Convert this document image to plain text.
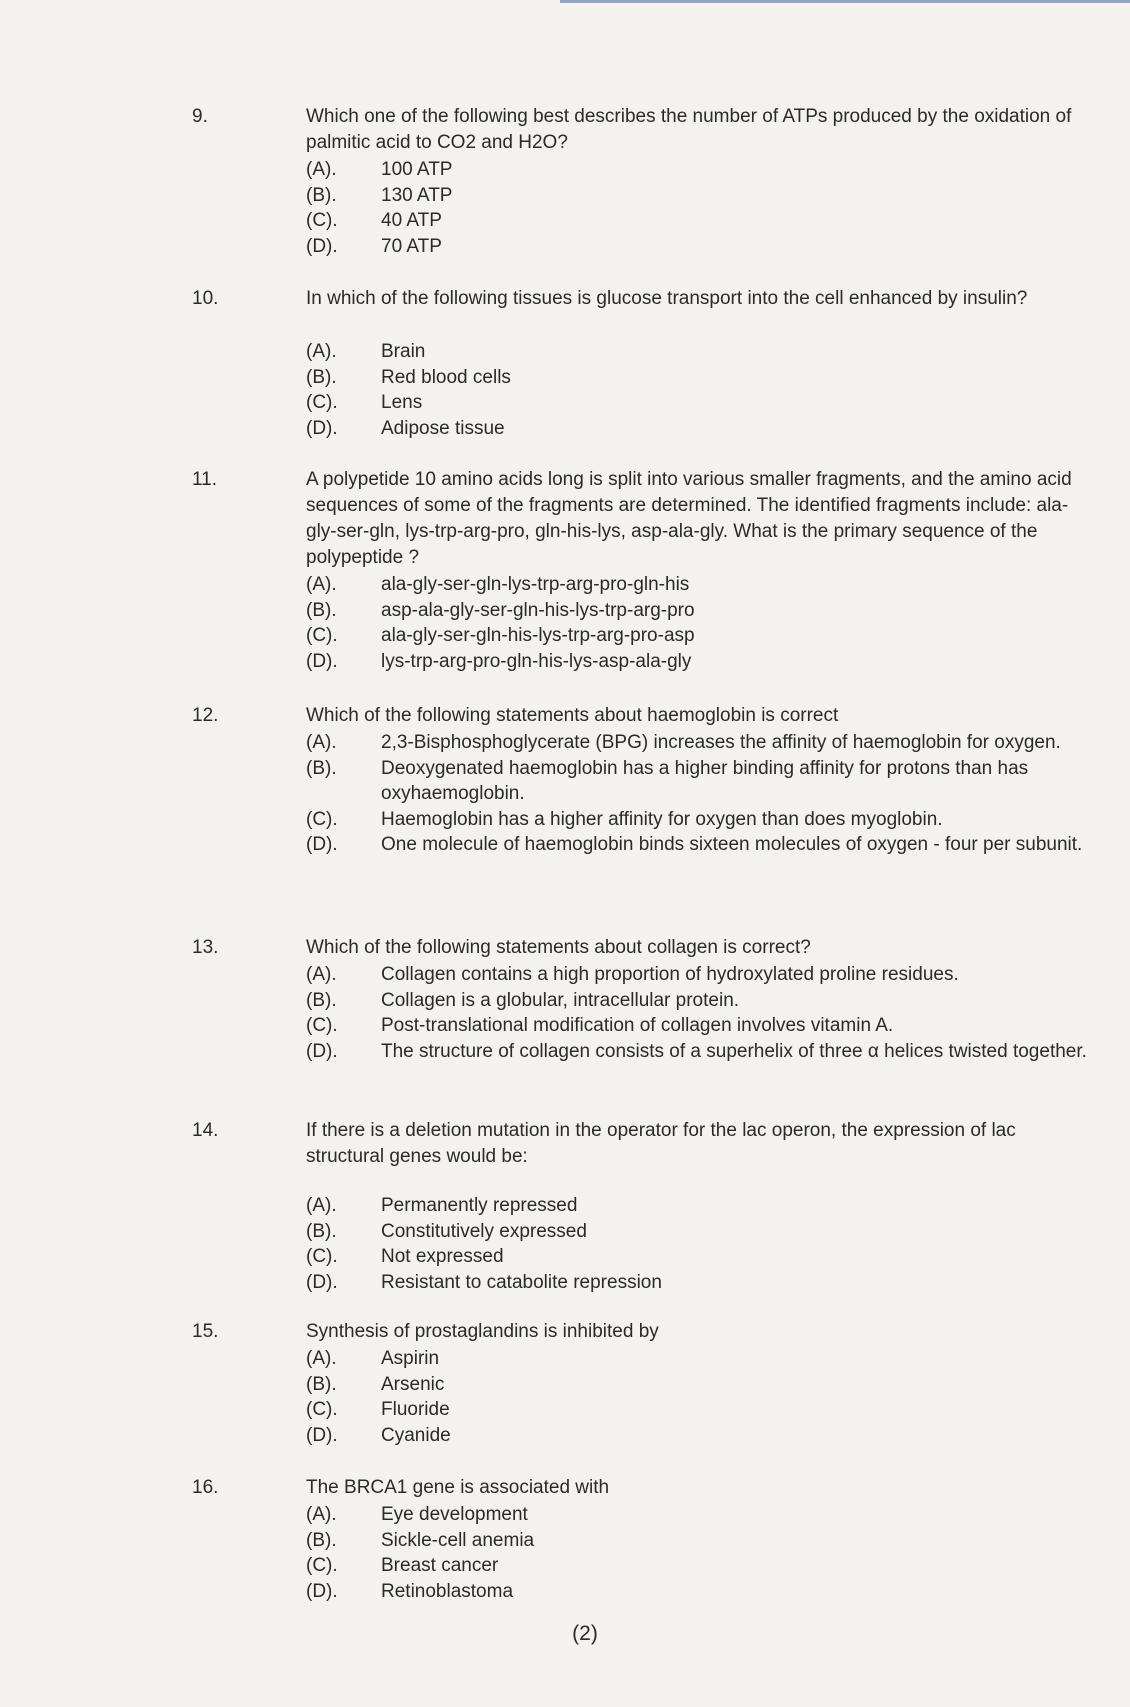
9.	Which one of the following best describes the number of ATPs produced by the oxidation of palmitic acid to CO2 and H2O?

(A). 100 ATP
(B). 130 ATP
(C). 40 ATP
(D). 70 ATP
10.	In which of the following tissues is glucose transport into the cell enhanced by insulin?

(A). Brain
(B). Red blood cells
(C). Lens
(D). Adipose tissue
11.	A polypetide 10 amino acids long is split into various smaller fragments, and the amino acid sequences of some of the fragments are determined. The identified fragments include: ala-gly-ser-gln, lys-trp-arg-pro, gln-his-lys, asp-ala-gly. What is the primary sequence of the polypeptide ?

(A). ala-gly-ser-gln-lys-trp-arg-pro-gln-his
(B). asp-ala-gly-ser-gln-his-lys-trp-arg-pro
(C). ala-gly-ser-gln-his-lys-trp-arg-pro-asp
(D). lys-trp-arg-pro-gln-his-lys-asp-ala-gly
12.	Which of the following statements about haemoglobin is correct

(A). 2,3-Bisphosphoglycerate (BPG) increases the affinity of haemoglobin for oxygen.
(B). Deoxygenated haemoglobin has a higher binding affinity for protons than has oxyhaemoglobin.
(C). Haemoglobin has a higher affinity for oxygen than does myoglobin.
(D). One molecule of haemoglobin binds sixteen molecules of oxygen - four per subunit.
13.	Which of the following statements about collagen is correct?

(A). Collagen contains a high proportion of hydroxylated proline residues.
(B). Collagen is a globular, intracellular protein.
(C). Post-translational modification of collagen involves vitamin A.
(D). The structure of collagen consists of a superhelix of three α helices twisted together.
14.	If there is a deletion mutation in the operator for the lac operon, the expression of lac structural genes would be:

(A). Permanently repressed
(B). Constitutively expressed
(C). Not expressed
(D). Resistant to catabolite repression
15.	Synthesis of prostaglandins is inhibited by

(A). Aspirin
(B). Arsenic
(C). Fluoride
(D). Cyanide
16.	The BRCA1 gene is associated with

(A). Eye development
(B). Sickle-cell anemia
(C). Breast cancer
(D). Retinoblastoma
(2)
